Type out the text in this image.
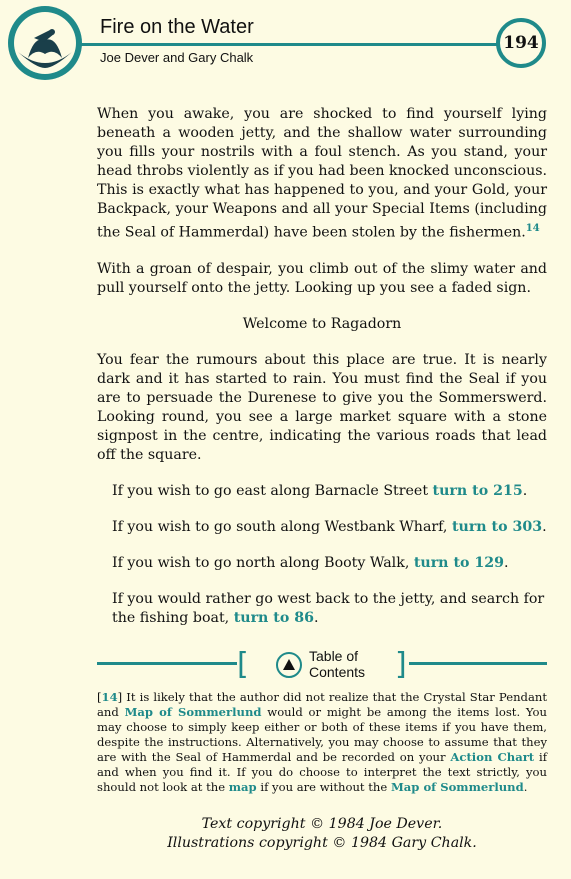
Fire on the Water
Joe Dever and Gary Chalk
194

When you awake, you are shocked to find yourself lying beneath a wooden jetty, and the shallow water surrounding you fills your nostrils with a foul stench. As you stand, your head throbs violently as if you had been knocked unconscious. This is exactly what has happened to you, and your Gold, your Backpack, your Weapons and all your Special Items (including the Seal of Hammerdal) have been stolen by the fishermen.$^{14}$

With a groan of despair, you climb out of the slimy water and pull yourself onto the jetty. Looking up you see a faded sign.

Welcome to Ragadorn

You fear the rumours about this place are true. It is nearly dark and it has started to rain. You must find the Seal if you are to persuade the Durenese to give you the Sommerswerd. Looking round, you see a large market square with a stone signpost in the centre, indicating the various roads that lead off the square.

If you wish to go east along Barnacle Street turn to 215.

If you wish to go south along Westbank Wharf, turn to 303.

If you wish to go north along Booty Walk, turn to 129.

If you would rather go west back to the jetty, and search for the fishing boat, turn to 86.

[	Table of
Contents ]
[14] It is likely that the author did not realize that the Crystal Star Pendant and Map of Sommerlund would or might be among the items lost. You may choose to simply keep either or both of these items if you have them, despite the instructions. Alternatively, you may choose to assume that they are with the Seal of Hammerdal and be recorded on your Action Chart if and when you find it. If you do choose to interpret the text strictly, you should not look at the map if you are without the Map of Sommerlund.
Text copyright © 1984 Joe Dever.
Illustrations copyright © 1984 Gary Chalk.
